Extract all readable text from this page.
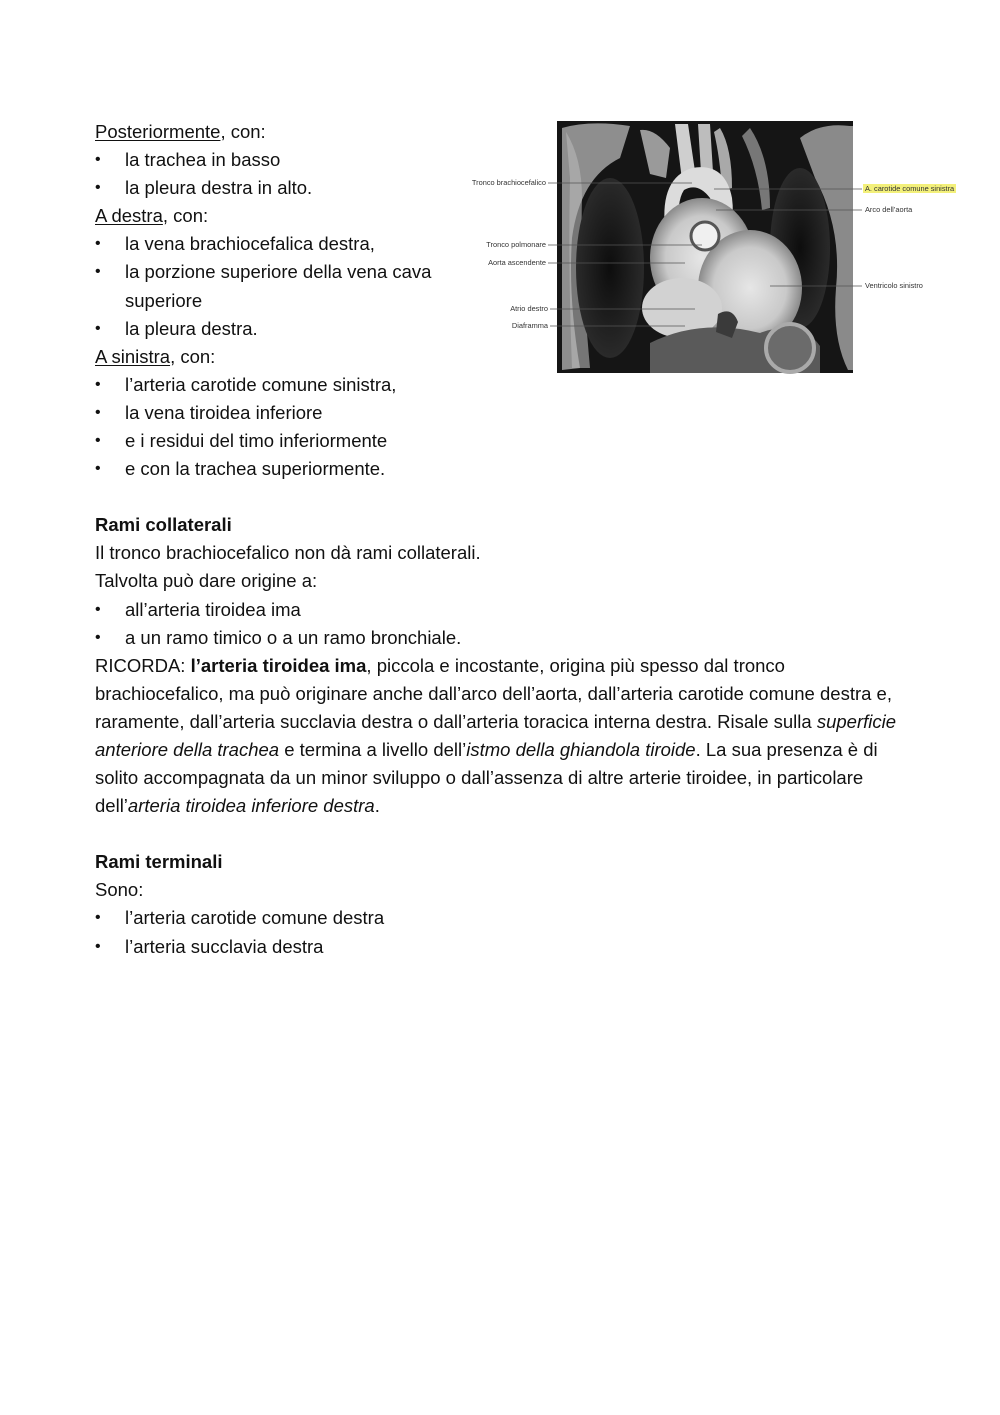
Tronco brachiocefalico
Tronco polmonare
Aorta ascendente
Atrio destro
Diaframma
A. carotide comune sinistra
Arco dell’aorta
Ventricolo sinistro
Posteriormente, con:
• la trachea in basso
• la pleura destra in alto.
A destra, con:
• la vena brachiocefalica destra,
• la porzione superiore della vena cava superiore
• la pleura destra.
A sinistra, con:
• l’arteria carotide comune sinistra,
• la vena tiroidea inferiore
• e i residui del timo inferiormente
• e con la trachea superiormente.
Rami collaterali
Il tronco brachiocefalico non dà rami collaterali.
Talvolta può dare origine a:
• all’arteria tiroidea ima
• a un ramo timico o a un ramo bronchiale.
RICORDA: l’arteria tiroidea ima, piccola e incostante, origina più spesso dal tronco brachiocefalico, ma può originare anche dall’arco dell’aorta, dall’arteria carotide comune destra e, raramente, dall’arteria succlavia destra o dall’arteria toracica interna destra. Risale sulla superficie anteriore della trachea e termina a livello dell’istmo della ghiandola tiroide. La sua presenza è di solito accompagnata da un minor sviluppo o dall’assenza di altre arterie tiroidee, in particolare dell’arteria tiroidea inferiore destra.
Rami terminali
Sono:
• l’arteria carotide comune destra
• l’arteria succlavia destra
